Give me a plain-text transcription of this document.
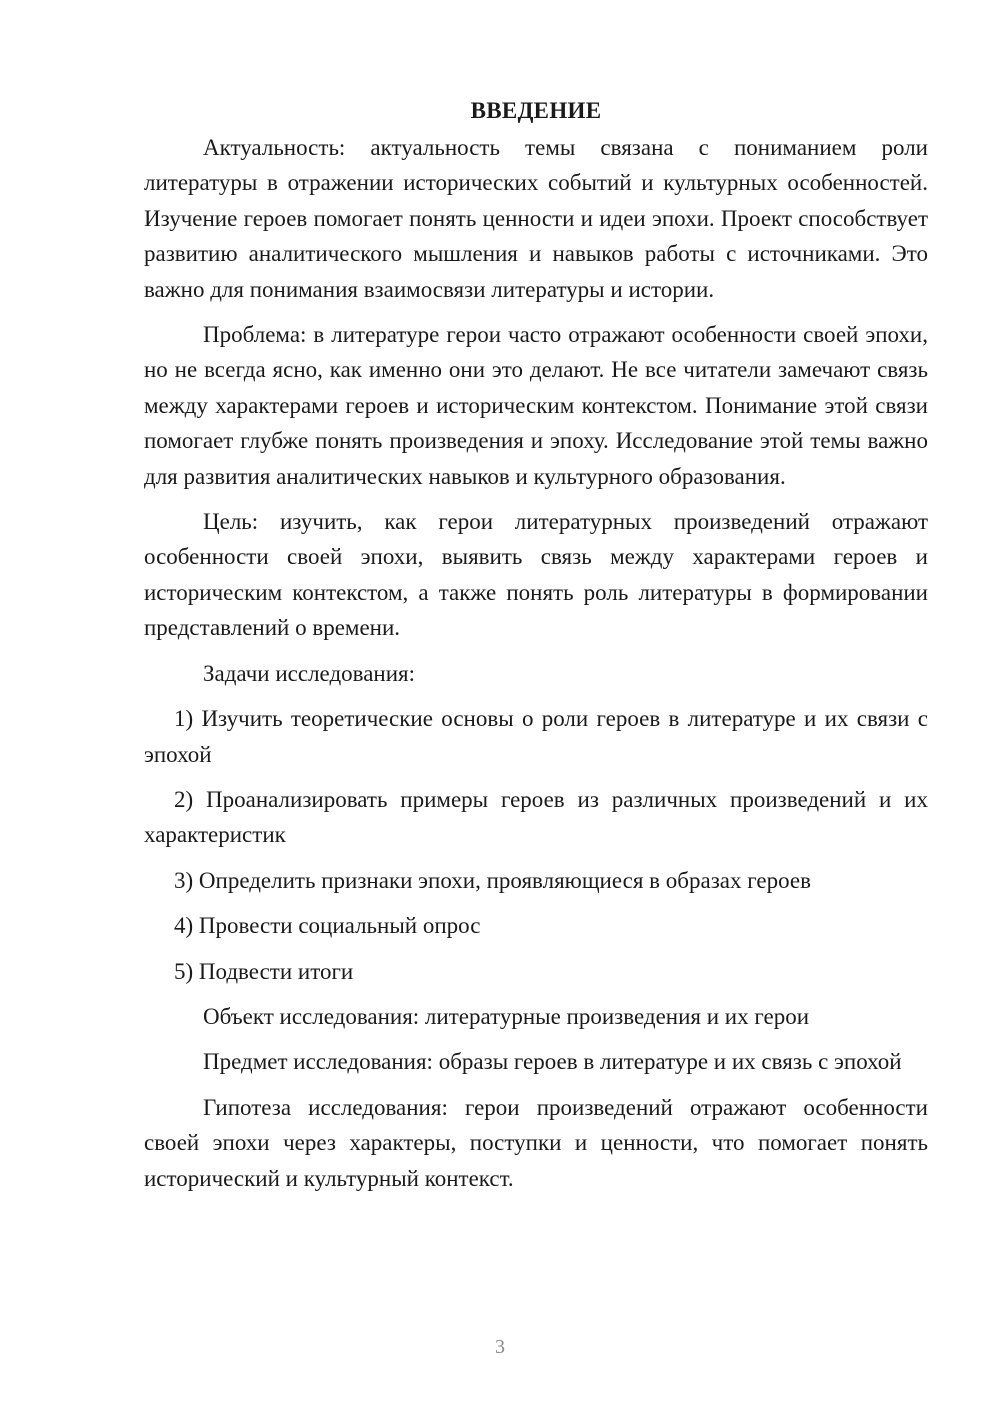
ВВЕДЕНИЕ

Актуальность: актуальность темы связана с пониманием роли литературы в отражении исторических событий и культурных особенностей. Изучение героев помогает понять ценности и идеи эпохи. Проект способствует развитию аналитического мышления и навыков работы с источниками. Это важно для понимания взаимосвязи литературы и истории.

Проблема: в литературе герои часто отражают особенности своей эпохи, но не всегда ясно, как именно они это делают. Не все читатели замечают связь между характерами героев и историческим контекстом. Понимание этой связи помогает глубже понять произведения и эпоху. Исследование этой темы важно для развития аналитических навыков и культурного образования.

Цель: изучить, как герои литературных произведений отражают особенности своей эпохи, выявить связь между характерами героев и историческим контекстом, а также понять роль литературы в формировании представлений о времени.

Задачи исследования:

1) Изучить теоретические основы о роли героев в литературе и их связи с эпохой

2) Проанализировать примеры героев из различных произведений и их характеристик

3) Определить признаки эпохи, проявляющиеся в образах героев

4) Провести социальный опрос

5) Подвести итоги

Объект исследования: литературные произведения и их герои

Предмет исследования: образы героев в литературе и их связь с эпохой

Гипотеза исследования: герои произведений отражают особенности своей эпохи через характеры, поступки и ценности, что помогает понять исторический и культурный контекст.

3
